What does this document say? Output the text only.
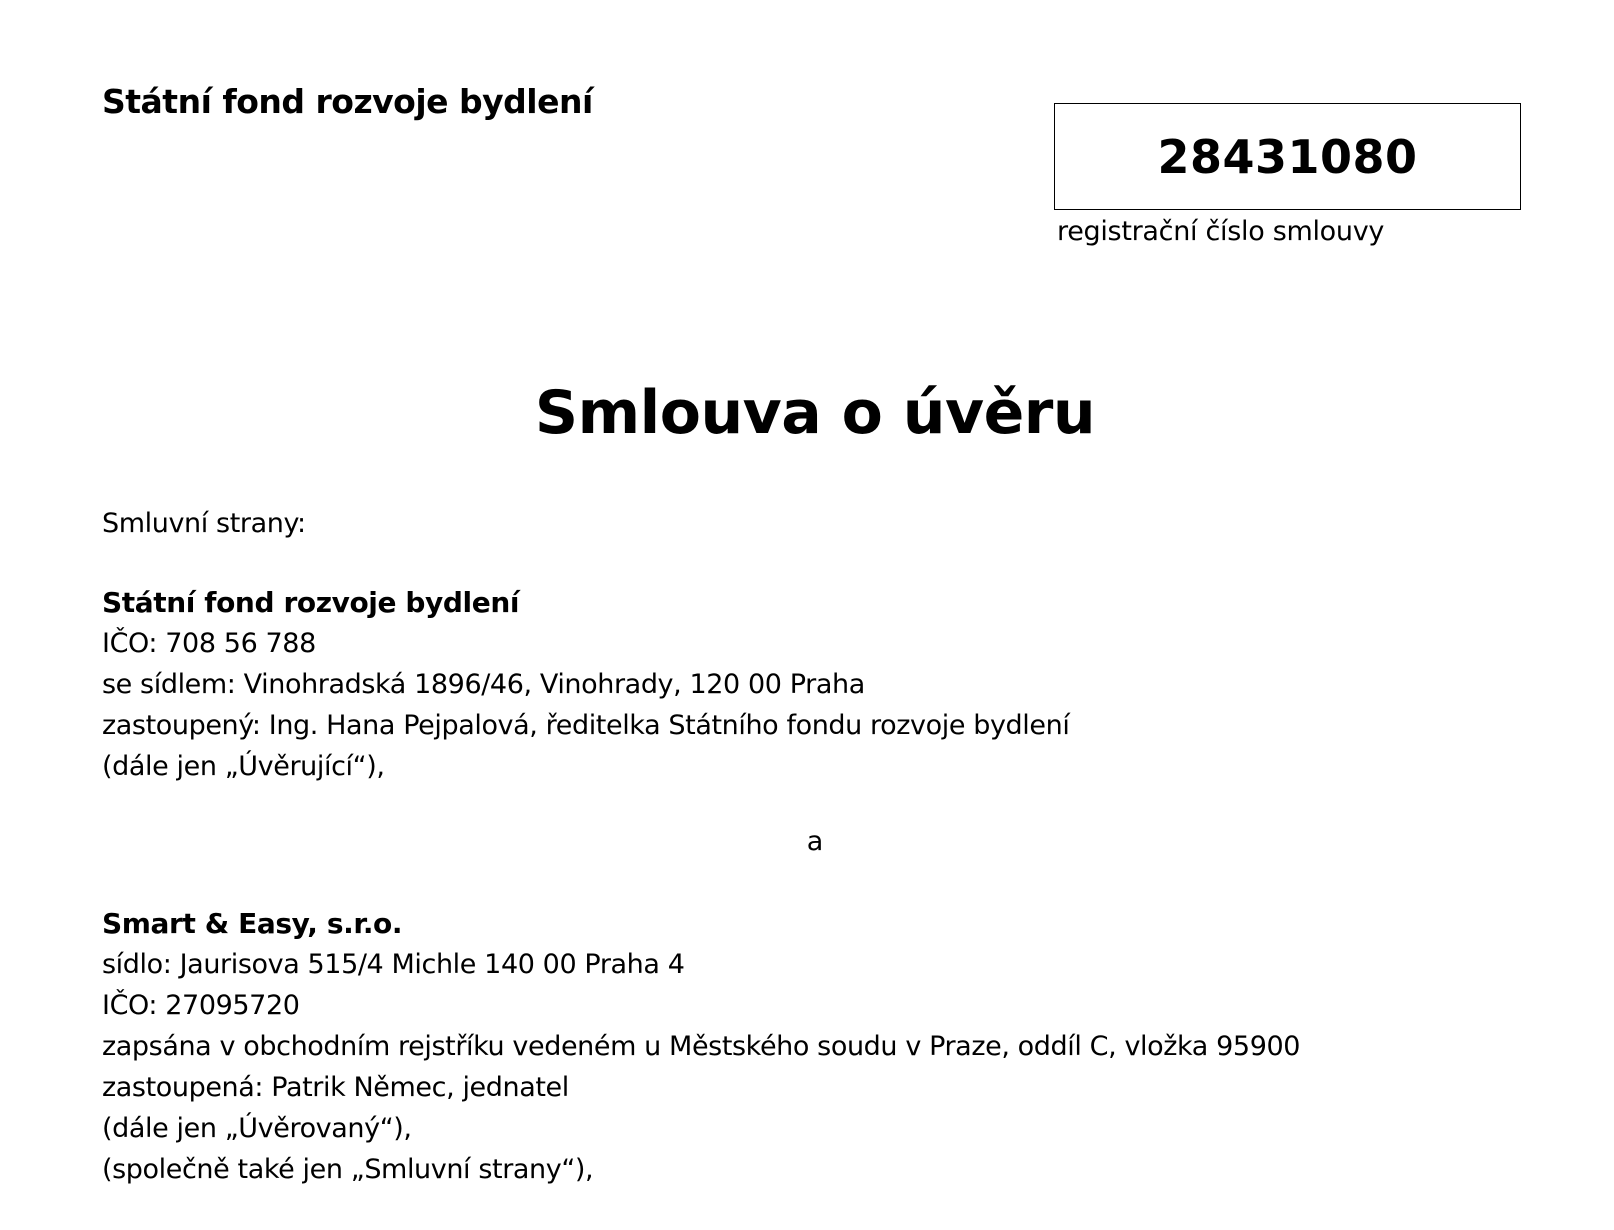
Státní fond rozvoje bydlení
28431080
registrační číslo smlouvy
Smlouva o úvěru
Smluvní strany:
Státní fond rozvoje bydlení
IČO: 708 56 788
se sídlem: Vinohradská 1896/46, Vinohrady, 120 00 Praha
zastoupený: Ing. Hana Pejpalová, ředitelka Státního fondu rozvoje bydlení
(dále jen „Úvěrující“),
a
Smart & Easy, s.r.o.
sídlo: Jaurisova 515/4 Michle 140 00 Praha 4
IČO: 27095720
zapsána v obchodním rejstříku vedeném u Městského soudu v Praze, oddíl C, vložka 95900
zastoupená: Patrik Němec, jednatel
(dále jen „Úvěrovaný“),
(společně také jen „Smluvní strany“),
